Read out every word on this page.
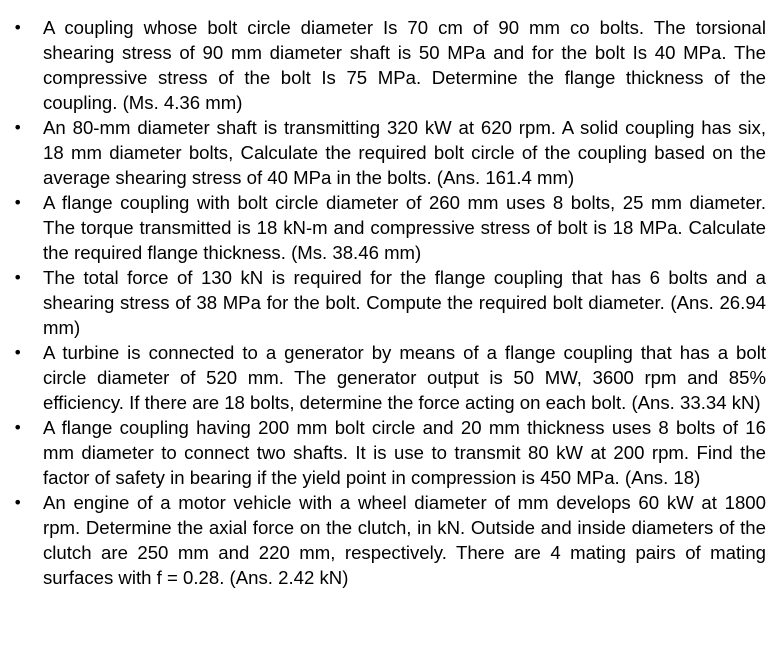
• A coupling whose bolt circle diameter Is 70 cm of 90 mm co bolts. The torsional shearing stress of 90 mm diameter shaft is 50 MPa and for the bolt Is 40 MPa. The compressive stress of the bolt Is 75 MPa. Determine the flange thickness of the coupling. (Ms. 4.36 mm)
• An 80-mm diameter shaft is transmitting 320 kW at 620 rpm. A solid coupling has six, 18 mm diameter bolts, Calculate the required bolt circle of the coupling based on the average shearing stress of 40 MPa in the bolts. (Ans. 161.4 mm)
• A flange coupling with bolt circle diameter of 260 mm uses 8 bolts, 25 mm diameter. The torque transmitted is 18 kN-m and compressive stress of bolt is 18 MPa. Calculate the required flange thickness. (Ms. 38.46 mm)
• The total force of 130 kN is required for the flange coupling that has 6 bolts and a shearing stress of 38 MPa for the bolt. Compute the required bolt diameter. (Ans. 26.94 mm)
• A turbine is connected to a generator by means of a flange coupling that has a bolt circle diameter of 520 mm. The generator output is 50 MW, 3600 rpm and 85% efficiency. If there are 18 bolts, determine the force acting on each bolt. (Ans. 33.34 kN)
• A flange coupling having 200 mm bolt circle and 20 mm thickness uses 8 bolts of 16 mm diameter to connect two shafts. It is use to transmit 80 kW at 200 rpm. Find the factor of safety in bearing if the yield point in compression is 450 MPa. (Ans. 18)
• An engine of a motor vehicle with a wheel diameter of mm develops 60 kW at 1800 rpm. Determine the axial force on the clutch, in kN. Outside and inside diameters of the clutch are 250 mm and 220 mm, respectively. There are 4 mating pairs of mating surfaces with f = 0.28. (Ans. 2.42 kN)
